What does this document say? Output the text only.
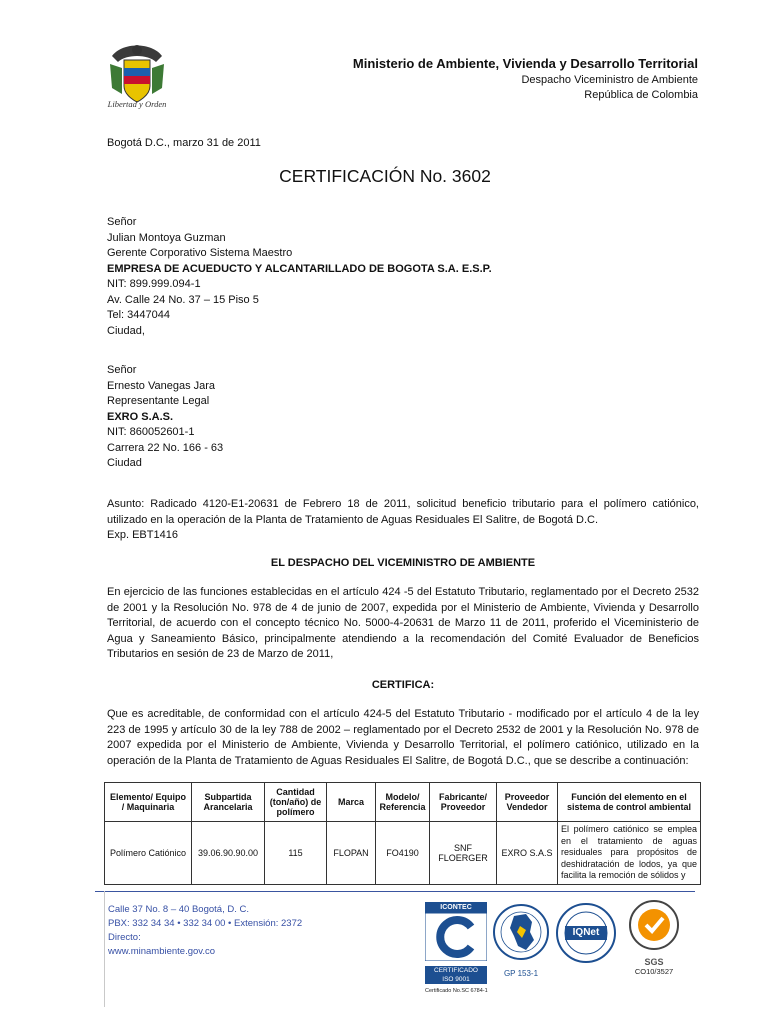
Libertad y Orden
Ministerio de Ambiente, Vivienda y Desarrollo Territorial
Despacho Viceministro de Ambiente
República de Colombia
Bogotá D.C., marzo 31 de 2011
CERTIFICACIÓN No. 3602
Señor
Julian Montoya Guzman
Gerente Corporativo Sistema Maestro
EMPRESA DE ACUEDUCTO Y ALCANTARILLADO DE BOGOTA S.A. E.S.P.
NIT: 899.999.094-1
Av. Calle 24 No. 37 – 15 Piso 5
Tel: 3447044
Ciudad,
Señor
Ernesto Vanegas Jara
Representante Legal
EXRO S.A.S.
NIT: 860052601-1
Carrera 22 No. 166 - 63
Ciudad
Asunto: Radicado 4120-E1-20631 de Febrero 18 de 2011, solicitud beneficio tributario para el polímero catiónico, utilizado en la operación de la Planta de Tratamiento de Aguas Residuales El Salitre, de Bogotá D.C.
Exp. EBT1416
EL DESPACHO DEL VICEMINISTRO DE AMBIENTE
En ejercicio de las funciones establecidas en el artículo 424 -5 del Estatuto Tributario, reglamentado por el Decreto 2532 de 2001 y la Resolución No. 978 de 4 de junio de 2007, expedida por el Ministerio de Ambiente, Vivienda y Desarrollo Territorial, de acuerdo con el concepto técnico No. 5000-4-20631 de Marzo 11 de 2011, proferido el Viceministerio de Agua y Saneamiento Básico, principalmente atendiendo a la recomendación del Comité Evaluador de Beneficios Tributarios en sesión de 23 de Marzo de 2011,
CERTIFICA:
Que es acreditable, de conformidad con el artículo 424-5 del Estatuto Tributario - modificado por el artículo 4 de la ley 223 de 1995 y artículo 30 de la ley 788 de 2002 – reglamentado por el Decreto 2532 de 2001 y la Resolución No. 978 de 2007 expedida por el Ministerio de Ambiente, Vivienda y Desarrollo Territorial, el polímero catiónico, utilizado en la operación de la Planta de Tratamiento de Aguas Residuales El Salitre, de Bogotá D.C., que se describe a continuación:
Elemento/ Equipo / Maquinaria	Subpartida Arancelaria	Cantidad (ton/año) de polímero	Marca	Modelo/ Referencia	Fabricante/ Proveedor	Proveedor Vendedor	Función del elemento en el sistema de control ambiental
Polímero Catiónico	39.06.90.90.00	115	FLOPAN	FO4190	SNF FLOERGER	EXRO S.A.S	El polímero catiónico se emplea en el tratamiento de aguas residuales para propósitos de deshidratación de lodos, ya que facilita la remoción de sólidos y
Calle 37 No. 8 – 40 Bogotá, D. C.
PBX: 332 34 34 • 332 34 00 • Extensión: 2372
Directo:
www.minambiente.gov.co
ICONTEC
CERTIFICADO
ISO 9001
Certificado No.SC 6784-1
GP 153-1
IQNet
SGS
CO10/3527
